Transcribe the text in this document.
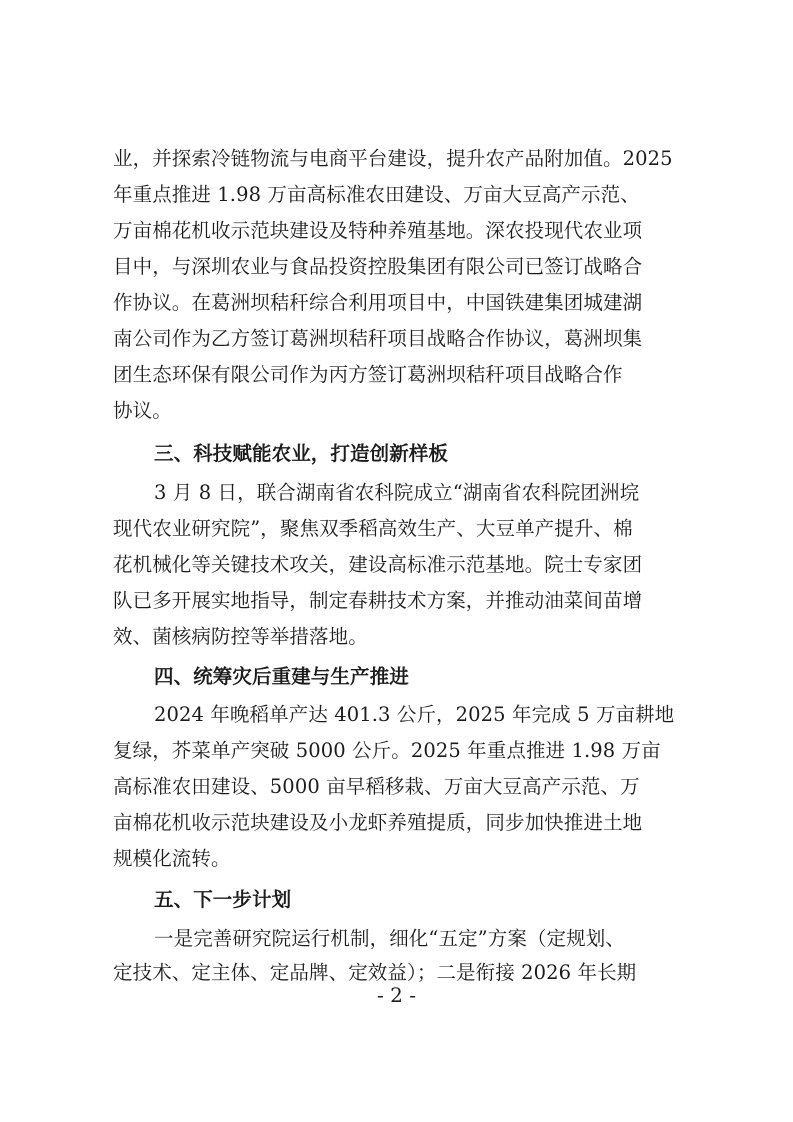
业，并探索冷链物流与电商平台建设，提升农产品附加值。2025
年重点推进 1.98 万亩高标准农田建设、万亩大豆高产示范、
万亩棉花机收示范块建设及特种养殖基地。深农投现代农业项
目中，与深圳农业与食品投资控股集团有限公司已签订战略合
作协议。在葛洲坝秸秆综合利用项目中，中国铁建集团城建湖
南公司作为乙方签订葛洲坝秸秆项目战略合作协议，葛洲坝集
团生态环保有限公司作为丙方签订葛洲坝秸秆项目战略合作
协议。
三、科技赋能农业，打造创新样板
3 月 8 日，联合湖南省农科院成立“湖南省农科院团洲垸
现代农业研究院”，聚焦双季稻高效生产、大豆单产提升、棉
花机械化等关键技术攻关，建设高标准示范基地。院士专家团
队已多开展实地指导，制定春耕技术方案，并推动油菜间苗增
效、菌核病防控等举措落地。
四、统筹灾后重建与生产推进
2024 年晚稻单产达 401.3 公斤，2025 年完成 5 万亩耕地
复绿，芥菜单产突破 5000 公斤。2025 年重点推进 1.98 万亩
高标准农田建设、5000 亩早稻移栽、万亩大豆高产示范、万
亩棉花机收示范块建设及小龙虾养殖提质，同步加快推进土地
规模化流转。
五、下一步计划
一是完善研究院运行机制，细化“五定”方案（定规划、
定技术、定主体、定品牌、定效益）；二是衔接 2026 年长期
- 2 -
